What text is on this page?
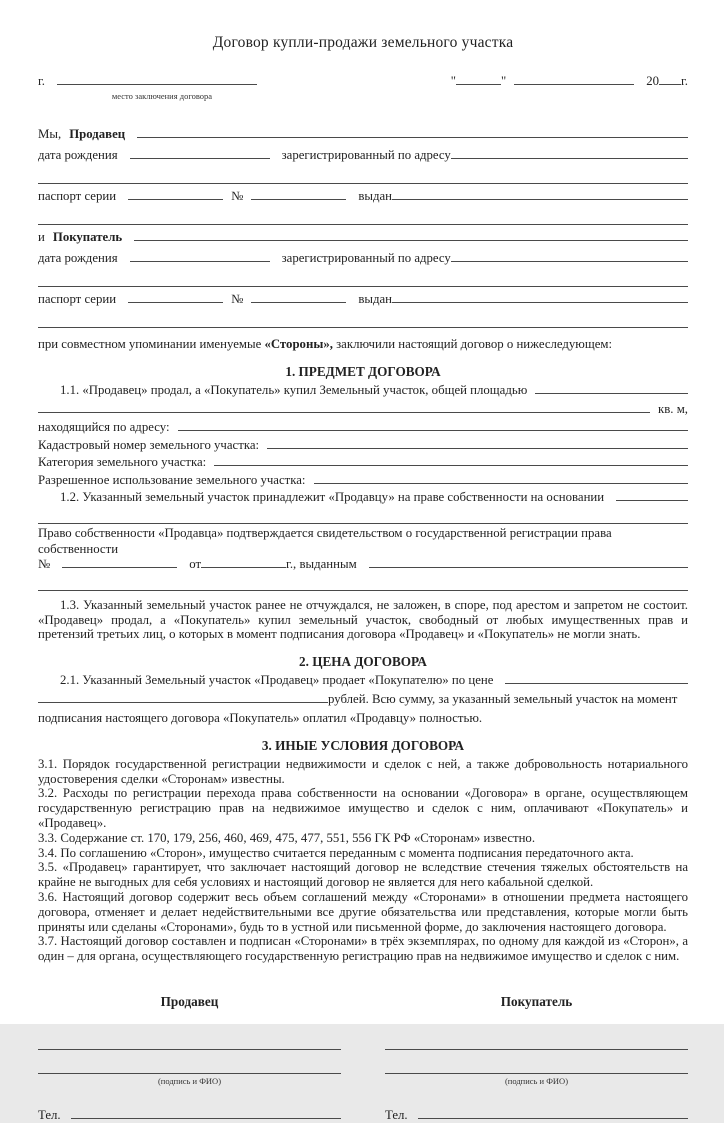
Договор купли-продажи земельного участка
г.	"	"	20 г.
место заключения договора
Мы, Продавец
дата рождения	зарегистрированный по адресу
паспорт серии	№	выдан
и Покупатель
дата рождения	зарегистрированный по адресу
паспорт серии	№	выдан
при совместном упоминании именуемые «Стороны», заключили настоящий договор о нижеследующем:
1. ПРЕДМЕТ ДОГОВОРА
1.1. «Продавец» продал, а «Покупатель» купил Земельный участок, общей площадью
кв. м,
находящийся по адресу:
Кадастровый номер земельного участка:
Категория земельного участка:
Разрешенное использование земельного участка:
1.2. Указанный земельный участок принадлежит «Продавцу» на праве собственности на основании
Право собственности «Продавца» подтверждается свидетельством о государственной регистрации права собственности
№	от	г., выданным

1.3. Указанный земельный участок ранее не отчуждался, не заложен, в споре, под арестом и запретом не состоит. «Продавец» продал, а «Покупатель» купил земельный участок, свободный от любых имущественных прав и претензий третьих лиц, о которых в момент подписания договора «Продавец» и «Покупатель» не могли знать.

2. ЦЕНА ДОГОВОРА
2.1. Указанный Земельный участок «Продавец» продает «Покупателю» по цене
рублей. Всю сумму, за указанный земельный участок на момент
подписания настоящего договора «Покупатель» оплатил «Продавцу» полностью.
3. ИНЫЕ УСЛОВИЯ ДОГОВОРА

3.1. Порядок государственной регистрации недвижимости и сделок с ней, а также добровольность нотариального удостоверения сделки «Сторонам» известны.

3.2. Расходы по регистрации перехода права собственности на основании «Договора» в органе, осуществляющем государственную регистрацию прав на недвижимое имущество и сделок с ним, оплачивают «Покупатель» и «Продавец».

3.3. Содержание ст. 170, 179, 256, 460, 469, 475, 477, 551, 556 ГК РФ «Сторонам» известно.

3.4. По соглашению «Сторон», имущество считается переданным с момента подписания передаточного акта.

3.5. «Продавец» гарантирует, что заключает настоящий договор не вследствие стечения тяжелых обстоятельств на крайне не выгодных для себя условиях и настоящий договор не является для него кабальной сделкой.

3.6. Настоящий договор содержит весь объем соглашений между «Сторонами» в отношении предмета настоящего договора, отменяет и делает недействительными все другие обязательства или представления, которые могли быть приняты или сделаны «Сторонами», будь то в устной или письменной форме, до заключения настоящего договора.

3.7. Настоящий договор составлен и подписан «Сторонами» в трёх экземплярах, по одному для каждой из «Сторон», а один – для органа, осуществляющего государственную регистрацию прав на недвижимое имущество и сделок с ним.

Продавец
(подпись и ФИО)
Тел.
Покупатель
(подпись и ФИО)
Тел.
